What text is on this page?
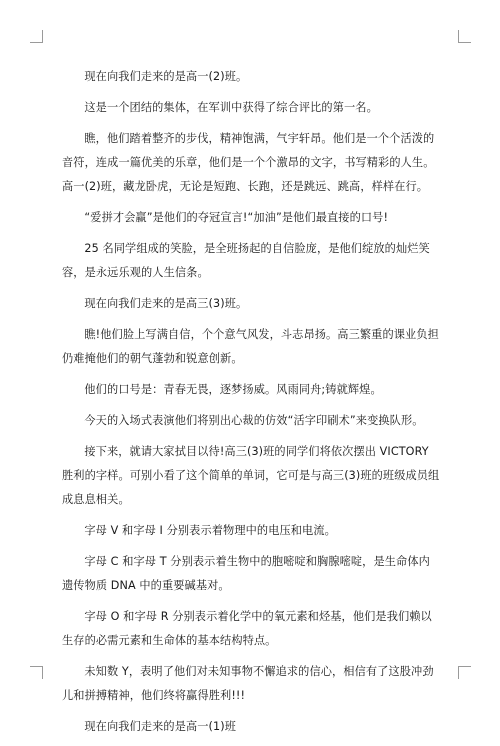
现在向我们走来的是高一(2)班。

这是一个团结的集体，在军训中获得了综合评比的第一名。

瞧，他们踏着整齐的步伐，精神饱满，气宇轩昂。他们是一个个活泼的音符，连成一篇优美的乐章，他们是一个个激昂的文字，书写精彩的人生。高一(2)班，藏龙卧虎，无论是短跑、长跑，还是跳远、跳高，样样在行。

“爱拼才会赢”是他们的夺冠宣言!“加油”是他们最直接的口号!

25 名同学组成的笑脸，是全班扬起的自信脸庞，是他们绽放的灿烂笑容，是永远乐观的人生信条。

现在向我们走来的是高三(3)班。

瞧!他们脸上写满自信，个个意气风发，斗志昂扬。高三繁重的课业负担仍难掩他们的朝气蓬勃和锐意创新。

他们的口号是：青春无畏，逐梦扬威。风雨同舟;铸就辉煌。

今天的入场式表演他们将别出心裁的仿效“活字印刷术”来变换队形。

接下来，就请大家拭目以待!高三(3)班的同学们将依次摆出 VICTORY 胜利的字样。可别小看了这个简单的单词，它可是与高三(3)班的班级成员组成息息相关。

字母 V 和字母 I 分别表示着物理中的电压和电流。

字母 C 和字母 T 分别表示着生物中的胞嘧啶和胸腺嘧啶，是生命体内遗传物质 DNA 中的重要碱基对。

字母 O 和字母 R 分别表示着化学中的氧元素和烃基，他们是我们赖以生存的必需元素和生命体的基本结构特点。

未知数 Y，表明了他们对未知事物不懈追求的信心，相信有了这股冲劲儿和拼搏精神，他们终将赢得胜利!!!

现在向我们走来的是高一(1)班
